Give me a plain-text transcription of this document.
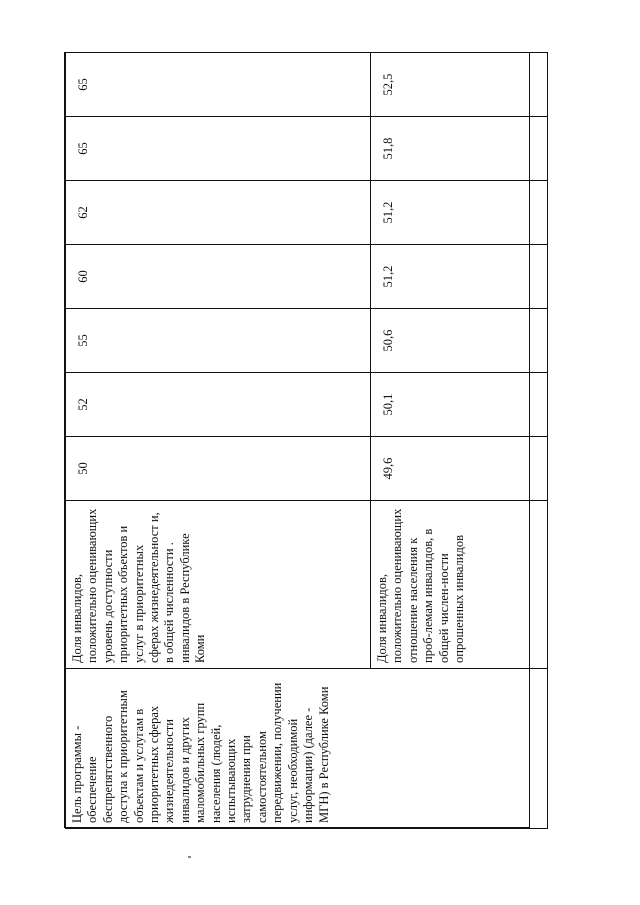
Цель программы - обеспечение беспрепятственного доступа к приоритетным объектам и услугам в приоритетных сферах жизнедеятельности инвалидов и других маломобильных групп населения (людей, испытывающих затруднения при самостоятельном передвижении, получении услуг, необходимой информации) (далее - МГН) в Республике Коми	Доля инвалидов, положительно оценивающих уровень доступности приоритетных объектов и услуг в приоритетных сферах жизнедеятельност и, в общей численности . инвалидов в Республике Коми	50	52	55	60	62	65	65
	Доля инвалидов, положительно оценивающих отношение населения к проб-лемам инвалидов, в общей числен-ности опрошенных инвалидов	49,6	50,1	50,6	51,2	51,2	51,8	52,5
